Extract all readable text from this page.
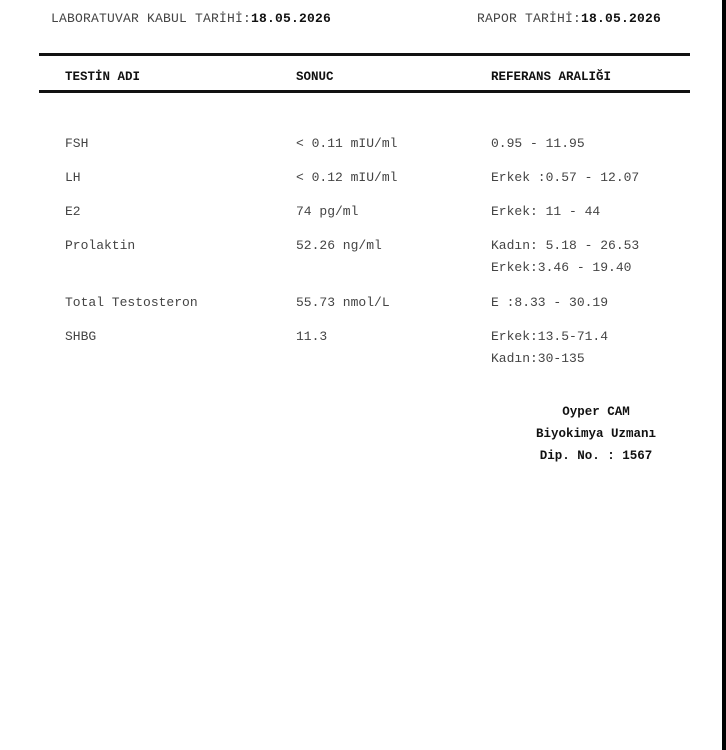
LABORATUVAR KABUL TARİHİ:18.05.2026	RAPOR TARİHİ:18.05.2026
TESTİN ADI	SONUC	REFERANS ARALIĞI
FSH	< 0.11 mIU/ml	0.95 - 11.95
LH	< 0.12 mIU/ml	Erkek :0.57 - 12.07
E2	74 pg/ml	Erkek: 11 - 44
Prolaktin	52.26 ng/ml	Kadın: 5.18 - 26.53
Erkek:3.46 - 19.40
Total Testosteron	55.73 nmol/L	E :8.33 - 30.19
SHBG	11.3	Erkek:13.5-71.4
Kadın:30-135
Oyper CAM
Biyokimya Uzmanı
Dip. No. : 1567
